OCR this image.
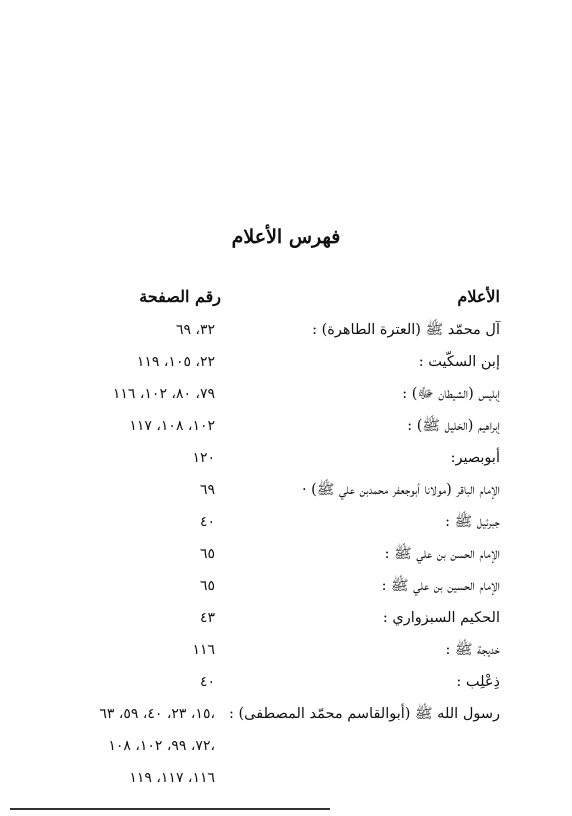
فهرس الأعلام
الأعلام
رقم الصفحة
آل محمّد ﷺ (العترة الطاهرة) :
٣٢، ٦٩
إبن السكّيت :
٢٢، ١٠٥، ١١٩
إبليس (الشيطان ﷻ) :
٧٩، ٨٠، ١٠٢، ١١٦
إبراهيم (الخليل ﷺ) :
١٠٢، ١٠٨، ١١٧
أبوبصير:
١٢٠
الإمام الباقر (مولانا أبوجعفر محمدبن علي ﷺ) ·
٦٩
جبرئيل ﷺ :
٤٠
الإمام الحسن بن علي ﷺ :
٦٥
الإمام الحسين بن علي ﷺ :
٦٥
الحكيم السبزواري :
٤٣
خديجة ﷺ :
١١٦
ذِعْلِب :
٤٠
رسول الله ﷺ (أبوالقاسم محمّد المصطفى) :
١٥، ٢٣، ٤٠، ٥٩، ٦٣،
٧٢، ٩٩، ١٠٢، ١٠٨،
١١٦، ١١٧، ١١٩
